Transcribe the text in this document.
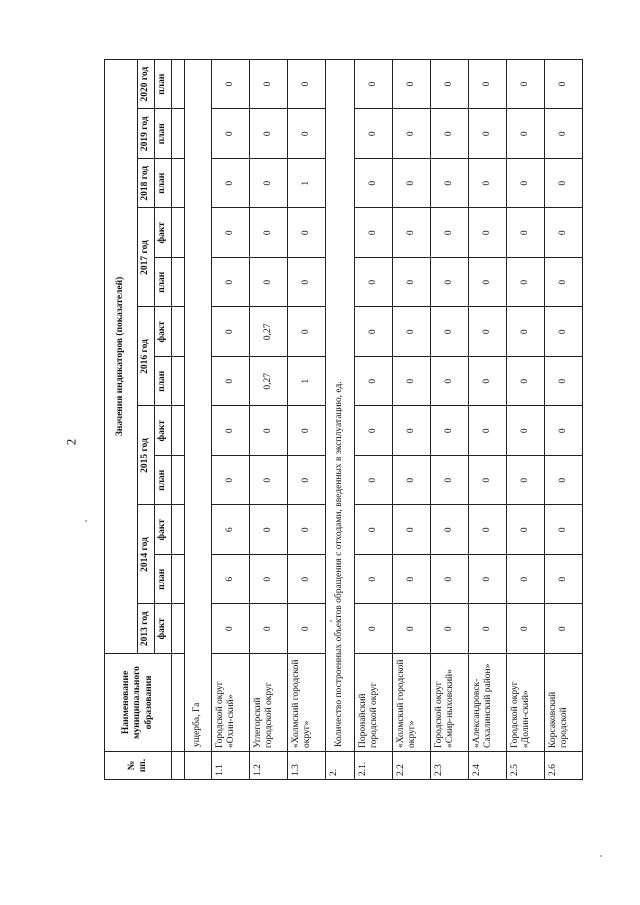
2
№ пп.	Наименование муниципального образования	Значения индикаторов (показателей)											
		2013 год	2014 год		2015 год		2016 год		2017 год		2018 год	2019 год	2020 год
		факт	план	факт	план	факт	план	факт	план	факт	план	план	план

	ущерба, Га												
1.1	Городской округ «Охин-ский»	0	6	6	0	0	0	0	0	0	0	0	0
1.2	Углегорский городской округ	0	0	0	0	0	0,27	0,27	0	0	0	0	0
1.3	«Холмский городской округ»	0	0	0	0	0	1	0	0	0	1	0	0
2.	Количество построенных объектов обращения с отходами, введенных в эксплуатацию, ед.												
2.1.	Поронайский городской округ	0	0	0	0	0	0	0	0	0	0	0	0
2.2	«Холмский городской округ»	0	0	0	0	0	0	0	0	0	0	0	0
2.3	Городской округ «Смир-ныховский»	0	0	0	0	0	0	0	0	0	0	0	0
2.4	«Александровск-Сахалинский район»	0	0	0	0	0	0	0	0	0	0	0	0
2.5	Городской округ «Долин-ский»	0	0	0	0	0	0	0	0	0	0	0	0
2.6	Корсаковский городской	0	0	0	0	0	0	0	0	0	0	0	0
